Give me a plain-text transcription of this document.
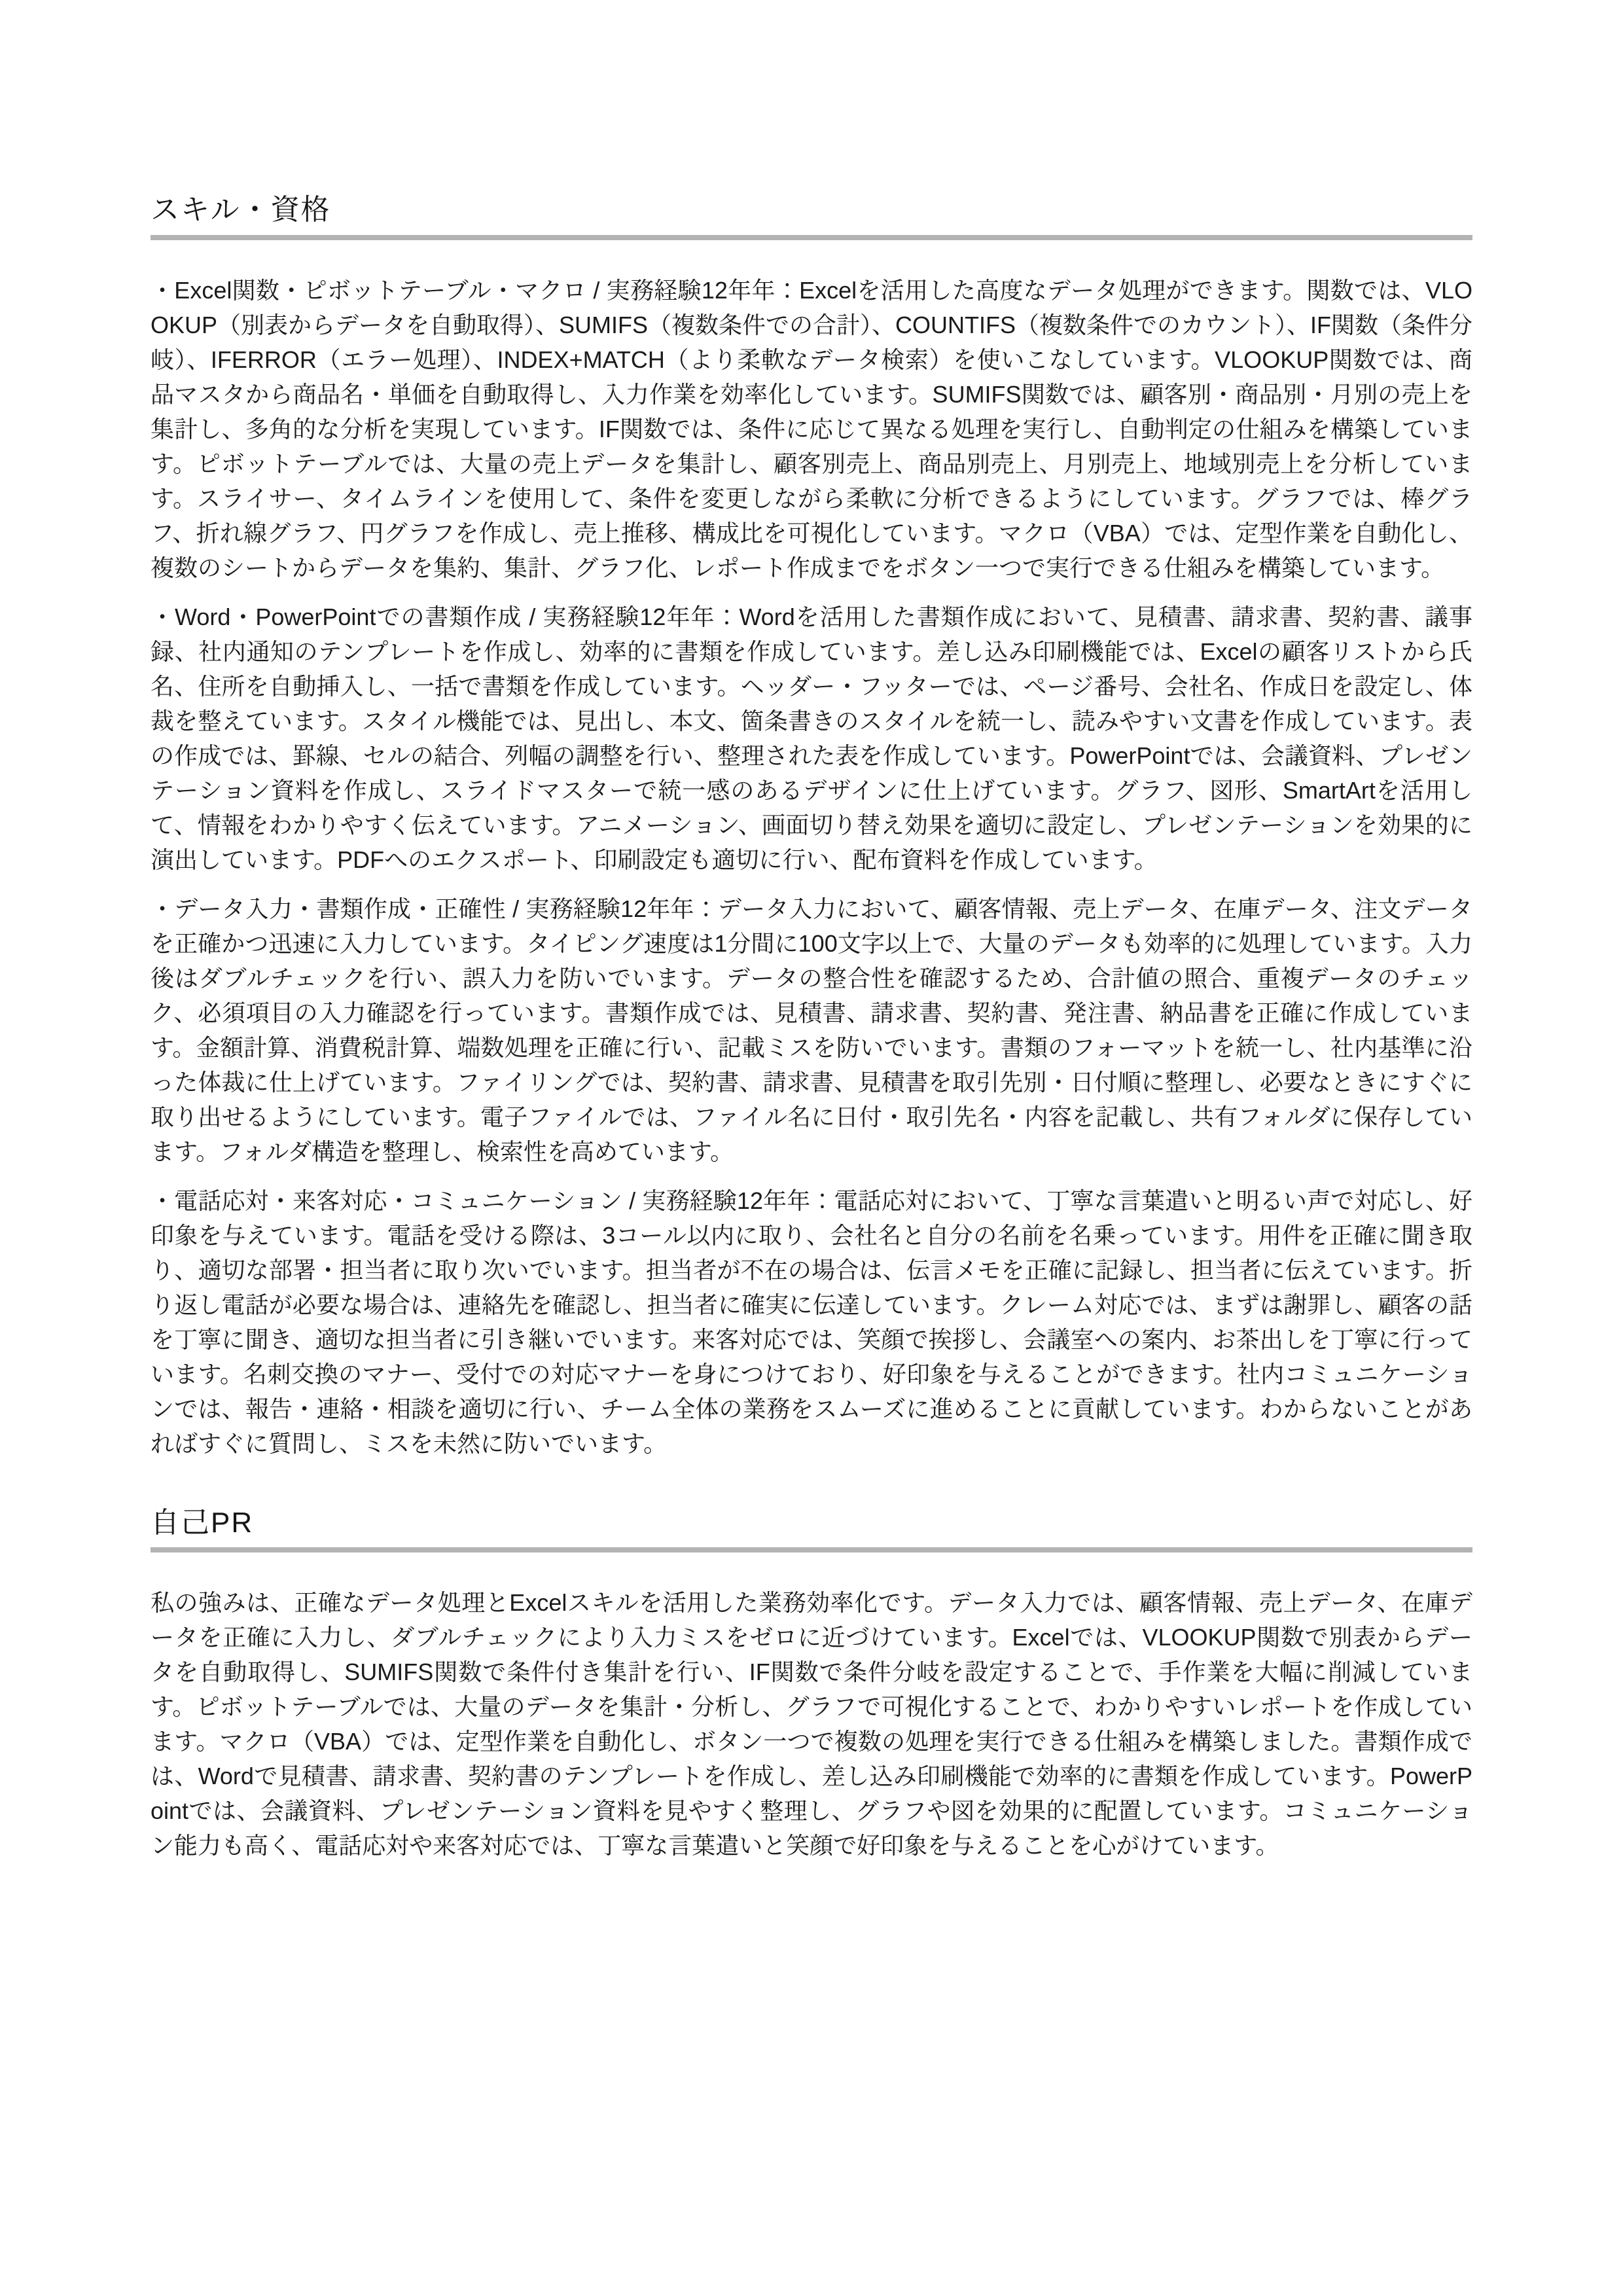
スキル・資格

・Excel関数・ピボットテーブル・マクロ / 実務経験12年年：Excelを活用した高度なデータ処理ができます。関数では、VLOOKUP（別表からデータを自動取得）、SUMIFS（複数条件での合計）、COUNTIFS（複数条件でのカウント）、IF関数（条件分岐）、IFERROR（エラー処理）、INDEX+MATCH（より柔軟なデータ検索）を使いこなしています。VLOOKUP関数では、商品マスタから商品名・単価を自動取得し、入力作業を効率化しています。SUMIFS関数では、顧客別・商品別・月別の売上を集計し、多角的な分析を実現しています。IF関数では、条件に応じて異なる処理を実行し、自動判定の仕組みを構築しています。ピボットテーブルでは、大量の売上データを集計し、顧客別売上、商品別売上、月別売上、地域別売上を分析しています。スライサー、タイムラインを使用して、条件を変更しながら柔軟に分析できるようにしています。グラフでは、棒グラフ、折れ線グラフ、円グラフを作成し、売上推移、構成比を可視化しています。マクロ（VBA）では、定型作業を自動化し、複数のシートからデータを集約、集計、グラフ化、レポート作成までをボタン一つで実行できる仕組みを構築しています。

・Word・PowerPointでの書類作成 / 実務経験12年年：Wordを活用した書類作成において、見積書、請求書、契約書、議事録、社内通知のテンプレートを作成し、効率的に書類を作成しています。差し込み印刷機能では、Excelの顧客リストから氏名、住所を自動挿入し、一括で書類を作成しています。ヘッダー・フッターでは、ページ番号、会社名、作成日を設定し、体裁を整えています。スタイル機能では、見出し、本文、箇条書きのスタイルを統一し、読みやすい文書を作成しています。表の作成では、罫線、セルの結合、列幅の調整を行い、整理された表を作成しています。PowerPointでは、会議資料、プレゼンテーション資料を作成し、スライドマスターで統一感のあるデザインに仕上げています。グラフ、図形、SmartArtを活用して、情報をわかりやすく伝えています。アニメーション、画面切り替え効果を適切に設定し、プレゼンテーションを効果的に演出しています。PDFへのエクスポート、印刷設定も適切に行い、配布資料を作成しています。

・データ入力・書類作成・正確性 / 実務経験12年年：データ入力において、顧客情報、売上データ、在庫データ、注文データを正確かつ迅速に入力しています。タイピング速度は1分間に100文字以上で、大量のデータも効率的に処理しています。入力後はダブルチェックを行い、誤入力を防いでいます。データの整合性を確認するため、合計値の照合、重複データのチェック、必須項目の入力確認を行っています。書類作成では、見積書、請求書、契約書、発注書、納品書を正確に作成しています。金額計算、消費税計算、端数処理を正確に行い、記載ミスを防いでいます。書類のフォーマットを統一し、社内基準に沿った体裁に仕上げています。ファイリングでは、契約書、請求書、見積書を取引先別・日付順に整理し、必要なときにすぐに取り出せるようにしています。電子ファイルでは、ファイル名に日付・取引先名・内容を記載し、共有フォルダに保存しています。フォルダ構造を整理し、検索性を高めています。

・電話応対・来客対応・コミュニケーション / 実務経験12年年：電話応対において、丁寧な言葉遣いと明るい声で対応し、好印象を与えています。電話を受ける際は、3コール以内に取り、会社名と自分の名前を名乗っています。用件を正確に聞き取り、適切な部署・担当者に取り次いでいます。担当者が不在の場合は、伝言メモを正確に記録し、担当者に伝えています。折り返し電話が必要な場合は、連絡先を確認し、担当者に確実に伝達しています。クレーム対応では、まずは謝罪し、顧客の話を丁寧に聞き、適切な担当者に引き継いでいます。来客対応では、笑顔で挨拶し、会議室への案内、お茶出しを丁寧に行っています。名刺交換のマナー、受付での対応マナーを身につけており、好印象を与えることができます。社内コミュニケーションでは、報告・連絡・相談を適切に行い、チーム全体の業務をスムーズに進めることに貢献しています。わからないことがあればすぐに質問し、ミスを未然に防いでいます。

自己PR

私の強みは、正確なデータ処理とExcelスキルを活用した業務効率化です。データ入力では、顧客情報、売上データ、在庫データを正確に入力し、ダブルチェックにより入力ミスをゼロに近づけています。Excelでは、VLOOKUP関数で別表からデータを自動取得し、SUMIFS関数で条件付き集計を行い、IF関数で条件分岐を設定することで、手作業を大幅に削減しています。ピボットテーブルでは、大量のデータを集計・分析し、グラフで可視化することで、わかりやすいレポートを作成しています。マクロ（VBA）では、定型作業を自動化し、ボタン一つで複数の処理を実行できる仕組みを構築しました。書類作成では、Wordで見積書、請求書、契約書のテンプレートを作成し、差し込み印刷機能で効率的に書類を作成しています。PowerPointでは、会議資料、プレゼンテーション資料を見やすく整理し、グラフや図を効果的に配置しています。コミュニケーション能力も高く、電話応対や来客対応では、丁寧な言葉遣いと笑顔で好印象を与えることを心がけています。
